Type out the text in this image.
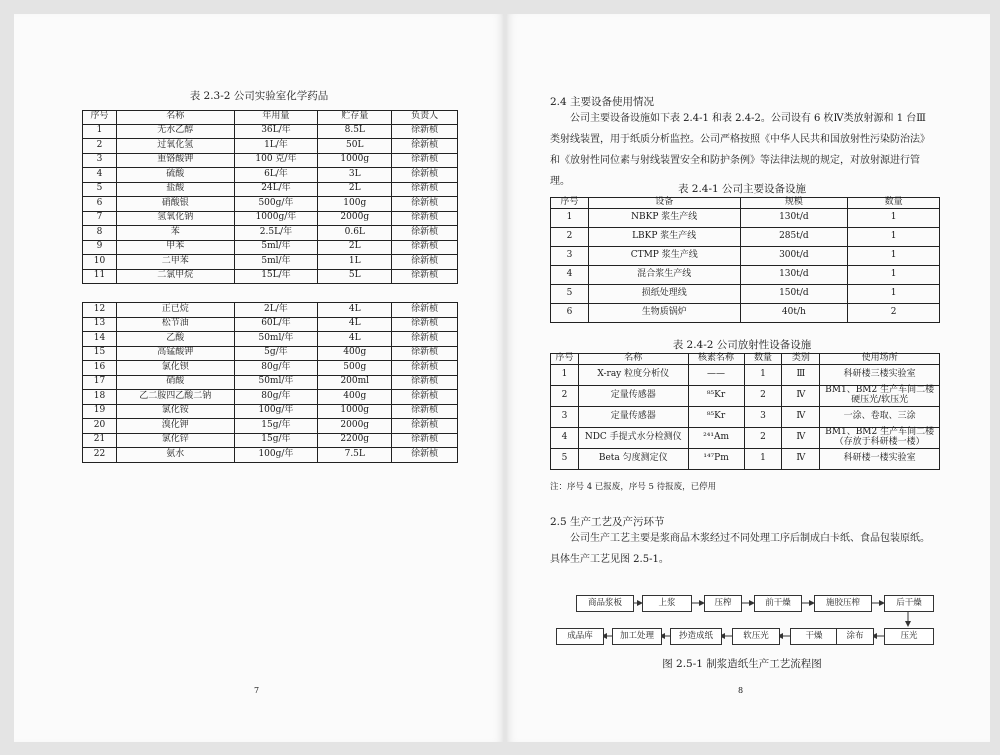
表 2.3-2 公司实验室化学药品
序号	名称	年用量	贮存量	负责人
1	无水乙醇	36L/年	8.5L	徐新桢
2	过氧化氢	1L/年	50L	徐新桢
3	重铬酸钾	100 克/年	1000g	徐新桢
4	硫酸	6L/年	3L	徐新桢
5	盐酸	24L/年	2L	徐新桢
6	硝酸银	500g/年	100g	徐新桢
7	氢氧化钠	1000g/年	2000g	徐新桢
8	苯	2.5L/年	0.6L	徐新桢
9	甲苯	5ml/年	2L	徐新桢
10	二甲苯	5ml/年	1L	徐新桢
11	二氯甲烷	15L/年	5L	徐新桢
12	正已烷	2L/年	4L	徐新桢
13	松节油	60L/年	4L	徐新桢
14	乙酸	50ml/年	4L	徐新桢
15	高锰酸钾	5g/年	400g	徐新桢
16	氯化钡	80g/年	500g	徐新桢
17	硝酸	50ml/年	200ml	徐新桢
18	乙二胺四乙酸二钠	80g/年	400g	徐新桢
19	氯化铵	100g/年	1000g	徐新桢
20	溴化钾	15g/年	2000g	徐新桢
21	氯化锌	15g/年	2200g	徐新桢
22	氨水	100g/年	7.5L	徐新桢
7
2.4 主要设备使用情况
公司主要设备设施如下表 2.4-1 和表 2.4-2。公司设有 6 枚Ⅳ类放射源和 1 台Ⅲ类射线装置，用于纸质分析监控。公司严格按照《中华人民共和国放射性污染防治法》和《放射性同位素与射线装置安全和防护条例》等法律法规的规定，对放射源进行管理。
表 2.4-1 公司主要设备设施
序号	设备	规模	数量
1	NBKP 浆生产线	130t/d	1
2	LBKP 浆生产线	285t/d	1
3	CTMP 浆生产线	300t/d	1
4	混合浆生产线	130t/d	1
5	损纸处理线	150t/d	1
6	生物质锅炉	40t/h	2
表 2.4-2 公司放射性设备设施
序号	名称	核素名称	数量	类别	使用场所
1	X-ray 粒度分析仪	——	1	Ⅲ	科研楼三楼实验室
2	定量传感器	⁸⁵Kr	2	Ⅳ	BM1、BM2 生产车间二楼 硬压光/软压光
3	定量传感器	⁸⁵Kr	3	Ⅳ	一涂、卷取、三涂
4	NDC 手提式水分检测仪	²⁴¹Am	2	Ⅳ	BM1、BM2 生产车间二楼（存放于科研楼一楼）
5	Beta 匀度测定仪	¹⁴⁷Pm	1	Ⅳ	科研楼一楼实验室
注：序号 4 已报废，序号 5 待报废，已停用
2.5 生产工艺及产污环节
公司生产工艺主要是浆商品木浆经过不同处理工序后制成白卡纸、食品包装原纸。具体生产工艺见图 2.5-1。
商品浆板	上浆	压榨	前干燥	施胶压榨	后干燥
成品库	加工处理	抄造成纸	软压光	干燥	涂布	压光
图 2.5-1 制浆造纸生产工艺流程图
8
